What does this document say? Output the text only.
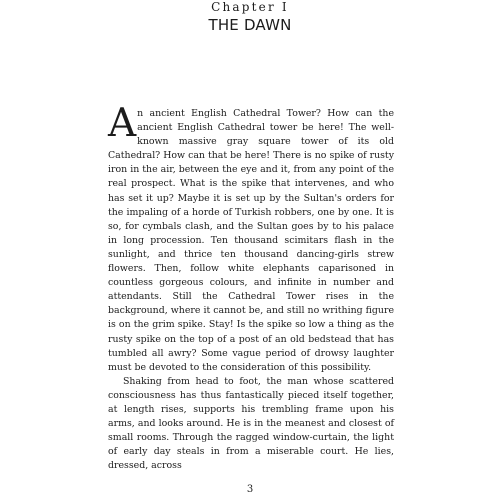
Chapter I
THE DAWN

An ancient English Cathedral Tower? How can the ancient English Cathedral tower be here! The well-known massive gray square tower of its old Cathedral? How can that be here! There is no spike of rusty iron in the air, between the eye and it, from any point of the real prospect. What is the spike that intervenes, and who has set it up? Maybe it is set up by the Sultan's orders for the impaling of a horde of Turkish robbers, one by one. It is so, for cymbals clash, and the Sultan goes by to his palace in long procession. Ten thousand scimitars flash in the sunlight, and thrice ten thousand dancing-girls strew flowers. Then, follow white elephants caparisoned in countless gorgeous colours, and infinite in number and attendants. Still the Cathedral Tower rises in the background, where it cannot be, and still no writhing figure is on the grim spike. Stay! Is the spike so low a thing as the rusty spike on the top of a post of an old bedstead that has tumbled all awry? Some vague period of drowsy laughter must be devoted to the consideration of this possibility.

Shaking from head to foot, the man whose scattered consciousness has thus fantastically pieced itself together, at length rises, supports his trembling frame upon his arms, and looks around. He is in the meanest and closest of small rooms. Through the ragged window-curtain, the light of early day steals in from a miserable court. He lies, dressed, across

3
